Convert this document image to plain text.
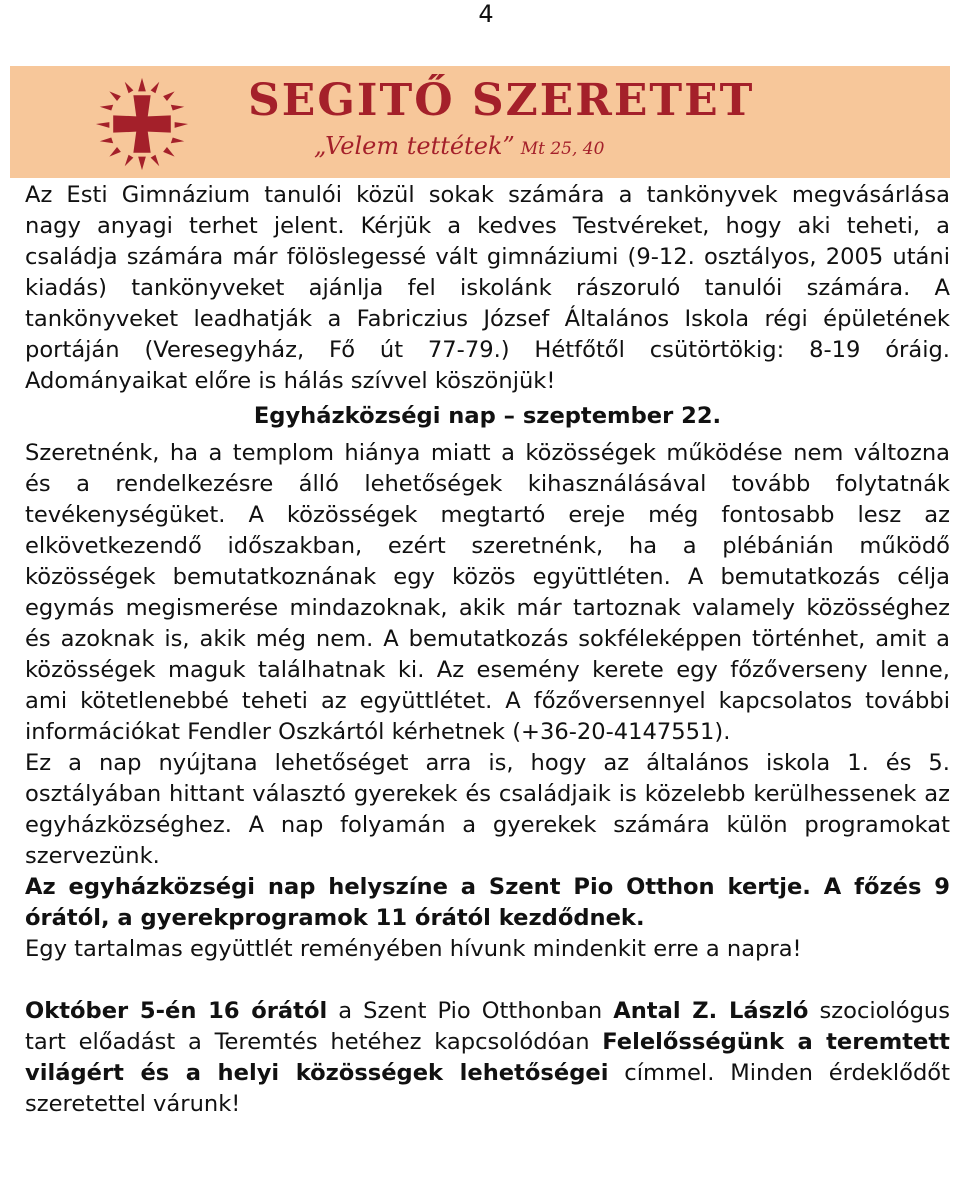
4
SEGITŐ SZERETET
„Velem tettétek” Mt 25, 40

Az Esti Gimnázium tanulói közül sokak számára a tankönyvek megvásárlása nagy anyagi terhet jelent. Kérjük a kedves Testvéreket, hogy aki teheti, a családja számára már fölöslegessé vált gimnáziumi (9-12. osztályos, 2005 utáni kiadás) tankönyveket ajánlja fel iskolánk rászoruló tanulói számára. A tankönyveket leadhatják a Fabriczius József Általános Iskola régi épületének portáján (Veresegyház, Fő út 77-79.) Hétfőtől csütörtökig: 8-19 óráig. Adományaikat előre is hálás szívvel köszönjük!

Egyházközségi nap – szeptember 22.

Szeretnénk, ha a templom hiánya miatt a közösségek működése nem változna és a rendelkezésre álló lehetőségek kihasználásával tovább folytatnák tevékenységüket. A közösségek megtartó ereje még fontosabb lesz az elkövetkezendő időszakban, ezért szeretnénk, ha a plébánián működő közösségek bemutatkoznának egy közös együttléten. A bemutatkozás célja egymás megismerése mindazoknak, akik már tartoznak valamely közösséghez és azoknak is, akik még nem. A bemutatkozás sokféleképpen történhet, amit a közösségek maguk találhatnak ki. Az esemény kerete egy főzőverseny lenne, ami kötetlenebbé teheti az együttlétet. A főzőversennyel kapcsolatos további információkat Fendler Oszkártól kérhetnek (+36-20-4147551).

Ez a nap nyújtana lehetőséget arra is, hogy az általános iskola 1. és 5. osztályában hittant választó gyerekek és családjaik is közelebb kerülhessenek az egyházközséghez. A nap folyamán a gyerekek számára külön programokat szervezünk.

Az egyházközségi nap helyszíne a Szent Pio Otthon kertje. A főzés 9 órától, a gyerekprogramok 11 órától kezdődnek.

Egy tartalmas együttlét reményében hívunk mindenkit erre a napra!

Október 5-én 16 órától a Szent Pio Otthonban Antal Z. László szociológus tart előadást a Teremtés hetéhez kapcsolódóan Felelősségünk a teremtett világért és a helyi közösségek lehetőségei címmel. Minden érdeklődőt szeretettel várunk!
